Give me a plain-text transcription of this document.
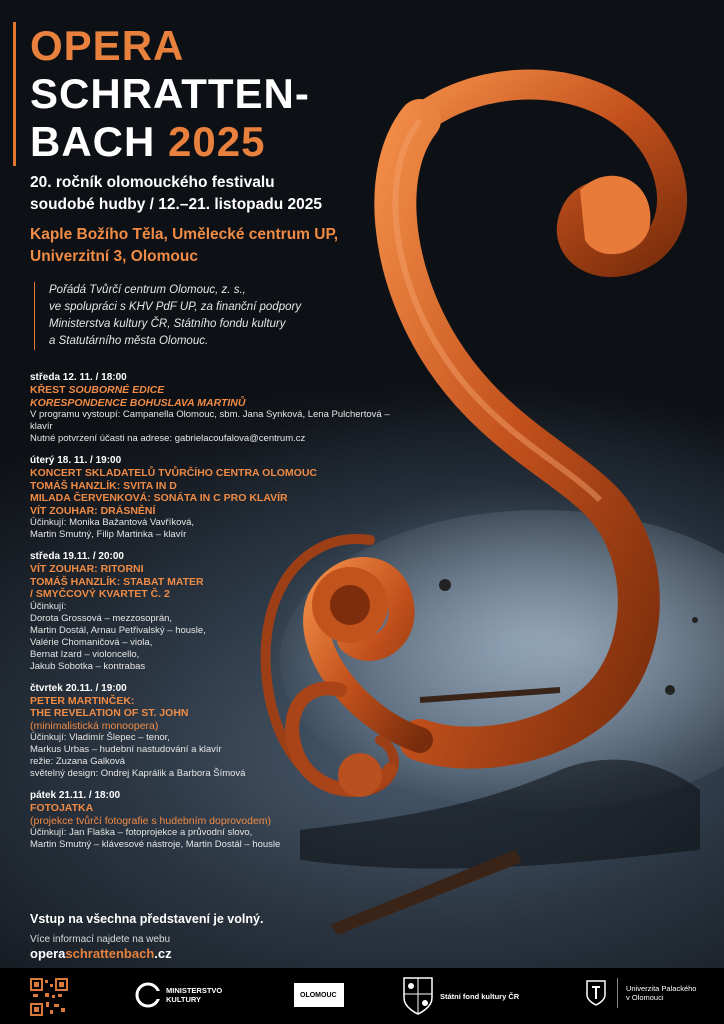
OPERA
SCHRATTEN-
BACH 2025
20. ročník olomouckého festivalu
soudobé hudby / 12.–21. listopadu 2025
Kaple Božího Těla, Umělecké centrum UP,
Univerzitní 3, Olomouc
Pořádá Tvůrčí centrum Olomouc, z. s.,
ve spolupráci s KHV PdF UP, za finanční podpory
Ministerstva kultury ČR, Státního fondu kultury
a Statutárního města Olomouc.
středa 12. 11. / 18:00
KŘEST SOUBORNÉ EDICE
KORESPONDENCE BOHUSLAVA MARTINŮ
V programu vystoupí: Campanella Olomouc, sbm. Jana Synková, Lena Pulchertová – klavír
Nutné potvrzení účasti na adrese: gabrielacoufalova@centrum.cz
úterý 18. 11. / 19:00
KONCERT SKLADATELŮ TVŮRČÍHO CENTRA OLOMOUC
TOMÁŠ HANZLÍK: SVITA IN D
MILADA ČERVENKOVÁ: SONÁTA IN C PRO KLAVÍR
VÍT ZOUHAR: DRÁSNĚNÍ
Účinkují: Monika Bažantová Vavříková,
Martin Smutný, Filip Martinka – klavír
středa 19.11. / 20:00
VÍT ZOUHAR: RITORNI
TOMÁŠ HANZLÍK: STABAT MATER
/ SMYČCOVÝ KVARTET Č. 2
Účinkují:
Dorota Grossová – mezzosoprán,
Martin Dostál, Arnau Petřivalský – housle,
Valérie Chomaničová – viola,
Bernat Izard – violoncello,
Jakub Sobotka – kontrabas
čtvrtek 20.11. / 19:00
PETER MARTINČEK:
THE REVELATION OF ST. JOHN
(minimalistická monoopera)
Účinkují: Vladimír Šlepec – tenor,
Markus Urbas – hudební nastudování a klavír
režie: Zuzana Galková
světelný design: Ondrej Kaprálik a Barbora Šímová
pátek 21.11. / 18:00
FOTOJATKA
(projekce tvůrčí fotografie s hudebním doprovodem)
Účinkují: Jan Flaška – fotoprojekce a průvodní slovo,
Martin Smutný – klávesové nástroje, Martin Dostál – housle
Vstup na všechna představení je volný.
Více informací najdete na webu
operaschrattenbach.cz
MINISTERSTVO
KULTURY	OLOMOUC	Státní fond kultury ČR
Univerzita Palackého
v Olomouci
